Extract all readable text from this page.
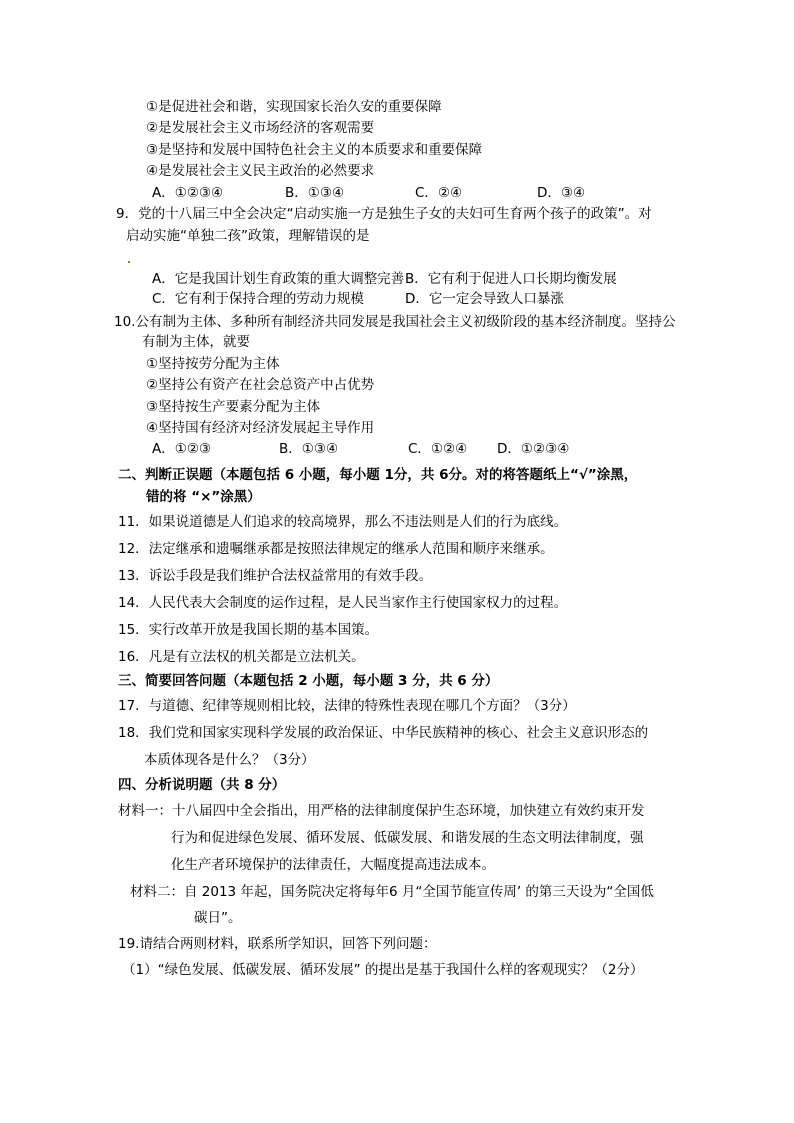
①是促进社会和谐，实现国家长治久安的重要保障
②是发展社会主义市场经济的客观需要
③是坚持和发展中国特色社会主义的本质要求和重要保障
④是发展社会主义民主政治的必然要求
A．①②③④	B．①③④	C．②④	D．③④
9．党的十八届三中全会决定“启动实施一方是独生子女的夫妇可生育两个孩子的政策”。对
启动实施“单独二孩”政策，理解错误的是
A．它是我国计划生育政策的重大调整完善 B．它有利于促进人口长期均衡发展
C．它有利于保持合理的劳动力规模	D．它一定会导致人口暴涨
10.公有制为主体、多种所有制经济共同发展是我国社会主义初级阶段的基本经济制度。坚持公
有制为主体，就要
①坚持按劳分配为主体
②坚持公有资产在社会总资产中占优势
③坚持按生产要素分配为主体
④坚持国有经济对经济发展起主导作用
A．①②③	B．①③④	C．①②④ D．①②③④
二、判断正误题（本题包括 6 小题，每小题 1分，共 6分。对的将答题纸上“√”涂黑，
错的将 “×”涂黑）
11．如果说道德是人们追求的较高境界，那么不违法则是人们的行为底线。
12．法定继承和遗嘱继承都是按照法律规定的继承人范围和顺序来继承。
13．诉讼手段是我们维护合法权益常用的有效手段。
14．人民代表大会制度的运作过程，是人民当家作主行使国家权力的过程。
15．实行改革开放是我国长期的基本国策。
16．凡是有立法权的机关都是立法机关。
三、简要回答问题（本题包括 2 小题，每小题 3 分，共 6 分）
17．与道德、纪律等规则相比较，法律的特殊性表现在哪几个方面？（3分）
18．我们党和国家实现科学发展的政治保证、中华民族精神的核心、社会主义意识形态的
本质体现各是什么？（3分）
四、分析说明题（共 8 分）
材料一：十八届四中全会指出，用严格的法律制度保护生态环境，加快建立有效约束开发
行为和促进绿色发展、循环发展、低碳发展、和谐发展的生态文明法律制度，强
化生产者环境保护的法律责任，大幅度提高违法成本。
材料二：自 2013 年起，国务院决定将每年6 月“全国节能宣传周’ 的第三天设为“全国低
碳日”。
19.请结合两则材料，联系所学知识，回答下列问题：
（1）“绿色发展、低碳发展、循环发展” 的提出是基于我国什么样的客观现实？（2分）
